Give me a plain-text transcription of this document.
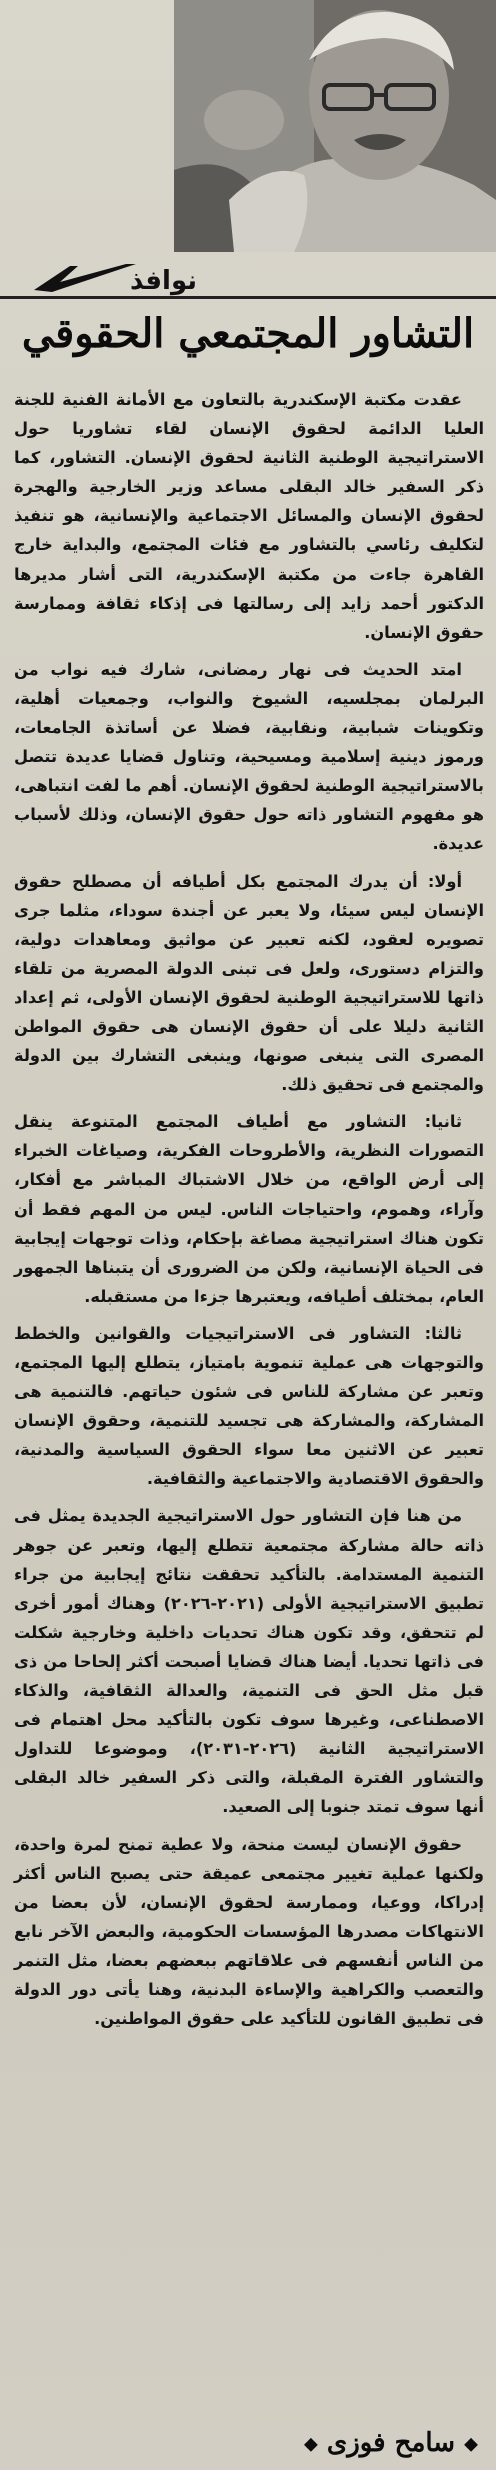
نوافذ
التشاور المجتمعي الحقوقي

عقدت مكتبة الإسكندرية بالتعاون مع الأمانة الفنية للجنة العليا الدائمة لحقوق الإنسان لقاء تشاوريا حول الاستراتيجية الوطنية الثانية لحقوق الإنسان. التشاور، كما ذكر السفير خالد البقلى مساعد وزير الخارجية والهجرة لحقوق الإنسان والمسائل الاجتماعية والإنسانية، هو تنفيذ لتكليف رئاسي بالتشاور مع فئات المجتمع، والبداية خارج القاهرة جاءت من مكتبة الإسكندرية، التى أشار مديرها الدكتور أحمد زايد إلى رسالتها فى إذكاء ثقافة وممارسة حقوق الإنسان.

امتد الحديث فى نهار رمضانى، شارك فيه نواب من البرلمان بمجلسيه، الشيوخ والنواب، وجمعيات أهلية، وتكوينات شبابية، ونقابية، فضلا عن أساتذة الجامعات، ورموز دينية إسلامية ومسيحية، وتناول قضايا عديدة تتصل بالاستراتيجية الوطنية لحقوق الإنسان. أهم ما لفت انتباهى، هو مفهوم التشاور ذاته حول حقوق الإنسان، وذلك لأسباب عديدة.

أولا: أن يدرك المجتمع بكل أطيافه أن مصطلح حقوق الإنسان ليس سيئا، ولا يعبر عن أجندة سوداء، مثلما جرى تصويره لعقود، لكنه تعبير عن مواثيق ومعاهدات دولية، والتزام دستورى، ولعل فى تبنى الدولة المصرية من تلقاء ذاتها للاستراتيجية الوطنية لحقوق الإنسان الأولى، ثم إعداد الثانية دليلا على أن حقوق الإنسان هى حقوق المواطن المصرى التى ينبغى صونها، وينبغى التشارك بين الدولة والمجتمع فى تحقيق ذلك.

ثانيا: التشاور مع أطياف المجتمع المتنوعة ينقل التصورات النظرية، والأطروحات الفكرية، وصياغات الخبراء إلى أرض الواقع، من خلال الاشتباك المباشر مع أفكار، وآراء، وهموم، واحتياجات الناس. ليس من المهم فقط أن تكون هناك استراتيجية مصاغة بإحكام، وذات توجهات إيجابية فى الحياة الإنسانية، ولكن من الضرورى أن يتبناها الجمهور العام، بمختلف أطيافه، ويعتبرها جزءا من مستقبله.

ثالثا: التشاور فى الاستراتيجيات والقوانين والخطط والتوجهات هى عملية تنموية بامتياز، يتطلع إليها المجتمع، وتعبر عن مشاركة للناس فى شئون حياتهم. فالتنمية هى المشاركة، والمشاركة هى تجسيد للتنمية، وحقوق الإنسان تعبير عن الاثنين معا سواء الحقوق السياسية والمدنية، والحقوق الاقتصادية والاجتماعية والثقافية.

من هنا فإن التشاور حول الاستراتيجية الجديدة يمثل فى ذاته حالة مشاركة مجتمعية تتطلع إليها، وتعبر عن جوهر التنمية المستدامة. بالتأكيد تحققت نتائج إيجابية من جراء تطبيق الاستراتيجية الأولى (٢٠٢١-٢٠٢٦) وهناك أمور أخرى لم تتحقق، وقد تكون هناك تحديات داخلية وخارجية شكلت فى ذاتها تحديا. أيضا هناك قضايا أصبحت أكثر إلحاحا من ذى قبل مثل الحق فى التنمية، والعدالة الثقافية، والذكاء الاصطناعى، وغيرها سوف تكون بالتأكيد محل اهتمام فى الاستراتيجية الثانية (٢٠٢٦-٢٠٣١)، وموضوعا للتداول والتشاور الفترة المقبلة، والتى ذكر السفير خالد البقلى أنها سوف تمتد جنوبا إلى الصعيد.

حقوق الإنسان ليست منحة، ولا عطية تمنح لمرة واحدة، ولكنها عملية تغيير مجتمعى عميقة حتى يصبح الناس أكثر إدراكا، ووعيا، وممارسة لحقوق الإنسان، لأن بعضا من الانتهاكات مصدرها المؤسسات الحكومية، والبعض الآخر نابع من الناس أنفسهم فى علاقاتهم ببعضهم بعضا، مثل التنمر والتعصب والكراهية والإساءة البدنية، وهنا يأتى دور الدولة فى تطبيق القانون للتأكيد على حقوق المواطنين.

◆ سامح فوزى ◆
